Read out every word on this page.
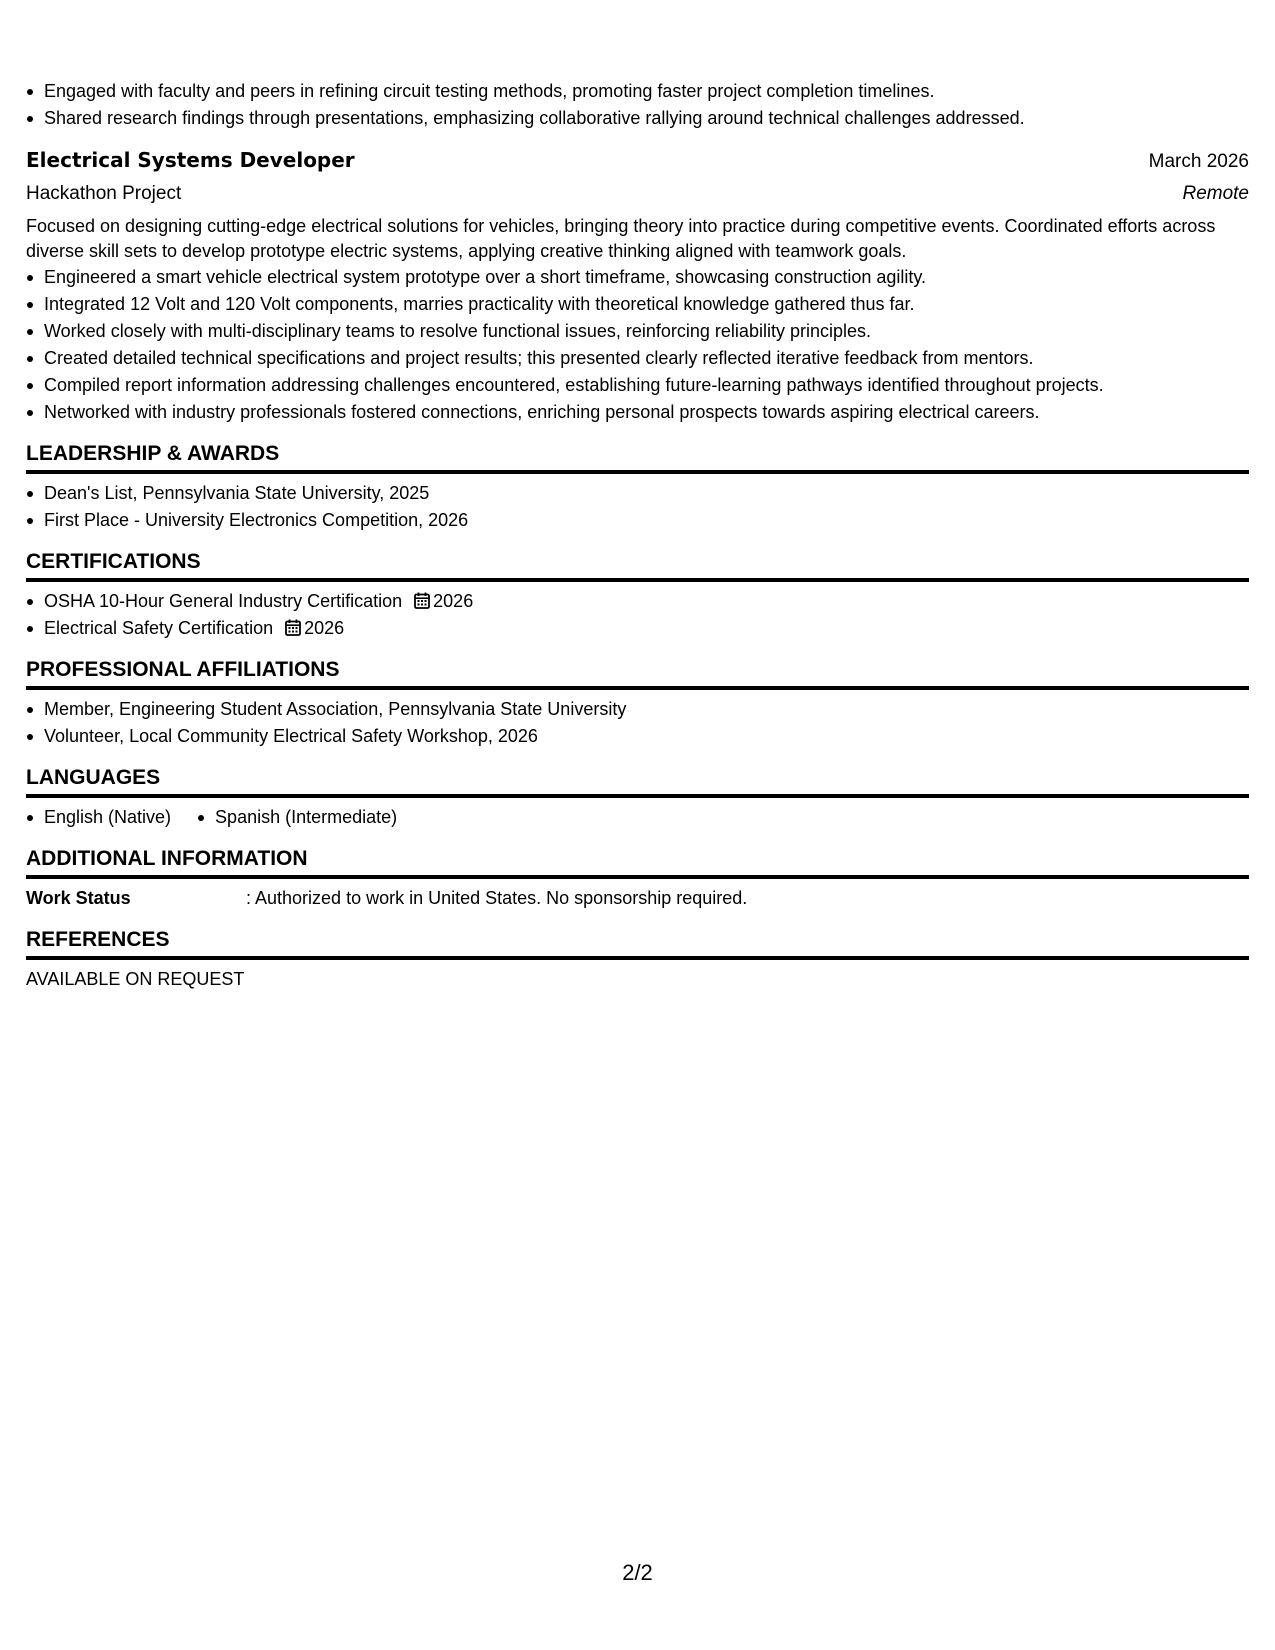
Engaged with faculty and peers in refining circuit testing methods, promoting faster project completion timelines.
Shared research findings through presentations, emphasizing collaborative rallying around technical challenges addressed.
Electrical Systems Developer	March 2026
Hackathon Project	Remote
Focused on designing cutting-edge electrical solutions for vehicles, bringing theory into practice during competitive events. Coordinated efforts across diverse skill sets to develop prototype electric systems, applying creative thinking aligned with teamwork goals.
Engineered a smart vehicle electrical system prototype over a short timeframe, showcasing construction agility.
Integrated 12 Volt and 120 Volt components, marries practicality with theoretical knowledge gathered thus far.
Worked closely with multi-disciplinary teams to resolve functional issues, reinforcing reliability principles.
Created detailed technical specifications and project results; this presented clearly reflected iterative feedback from mentors.
Compiled report information addressing challenges encountered, establishing future-learning pathways identified throughout projects.
Networked with industry professionals fostered connections, enriching personal prospects towards aspiring electrical careers.
LEADERSHIP & AWARDS
Dean's List, Pennsylvania State University, 2025
First Place - University Electronics Competition, 2026
CERTIFICATIONS
OSHA 10-Hour General Industry Certification 2026
Electrical Safety Certification 2026
PROFESSIONAL AFFILIATIONS
Member, Engineering Student Association, Pennsylvania State University
Volunteer, Local Community Electrical Safety Workshop, 2026
LANGUAGES
English (Native)	Spanish (Intermediate)
ADDITIONAL INFORMATION
Work Status	: Authorized to work in United States. No sponsorship required.
REFERENCES
AVAILABLE ON REQUEST
2/2
